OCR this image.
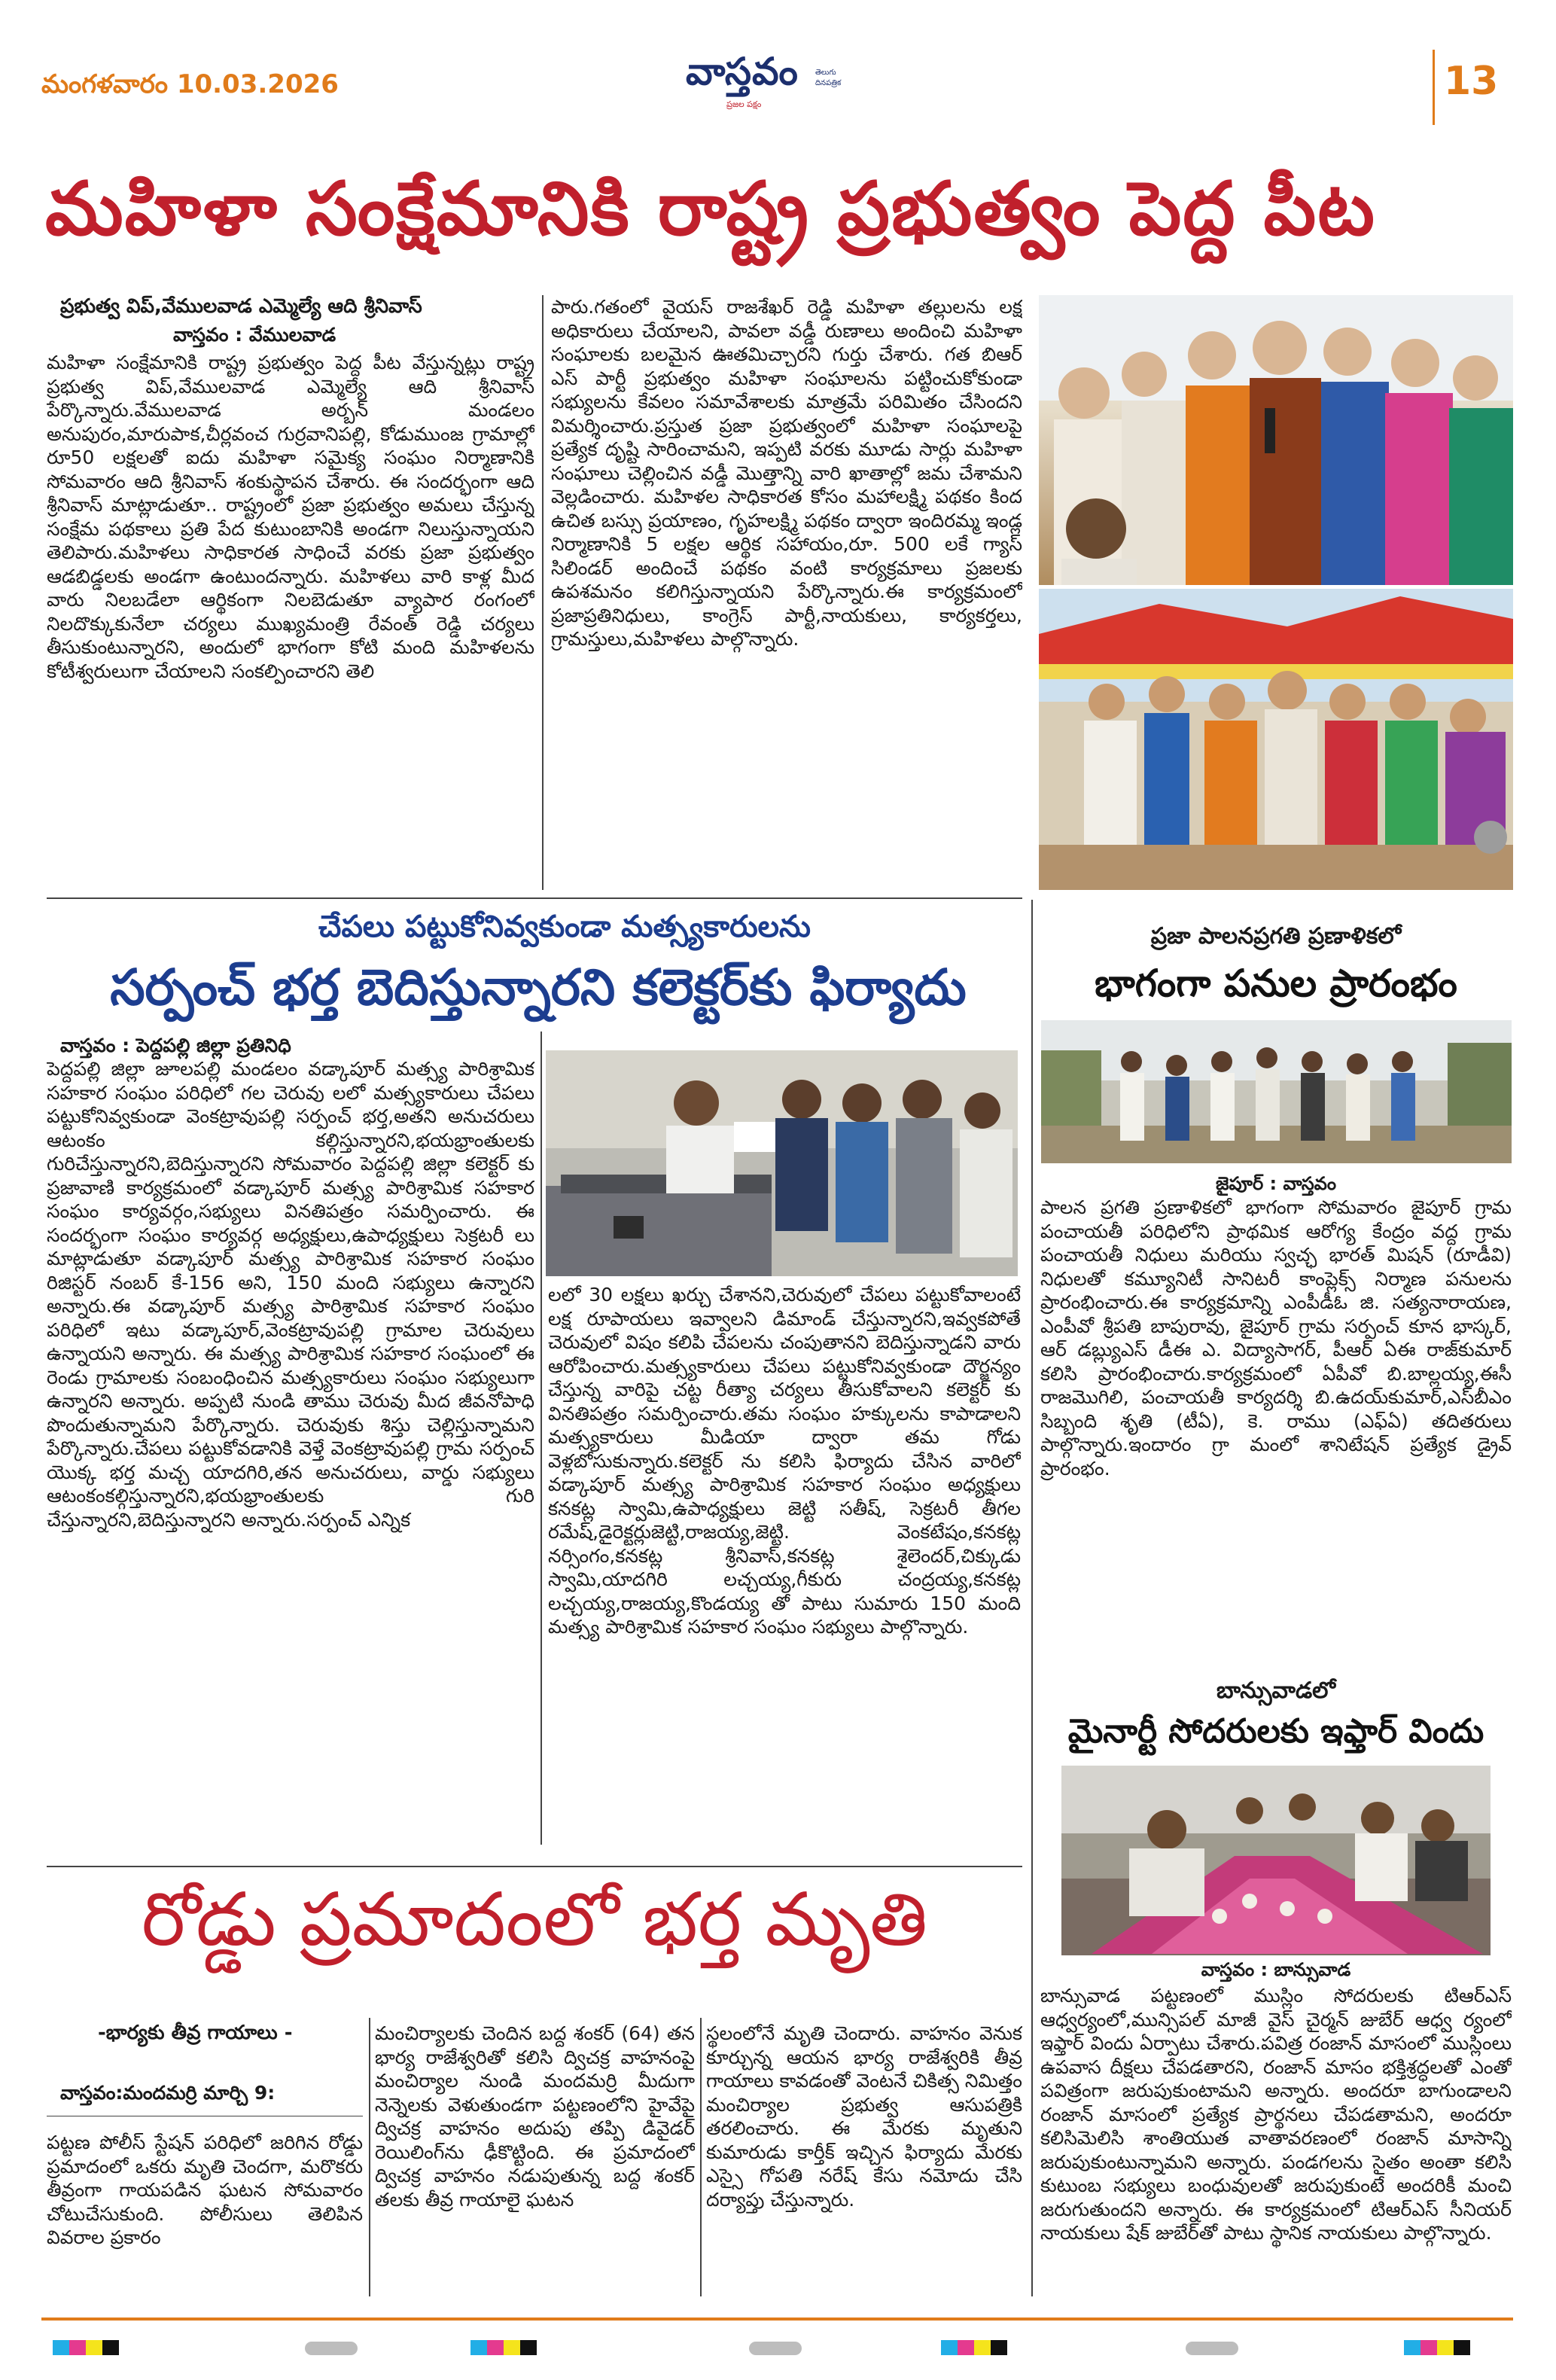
మంగళవారం 10.03.2026	వాస్తవం తెలుగు దినపత్రిక
ప్రజల పక్షం
13
మహిళా సంక్షేమానికి రాష్ట్ర ప్రభుత్వం పెద్ద పీట
ప్రభుత్వ విప్,వేములవాడ ఎమ్మెల్యే ఆది శ్రీనివాస్
వాస్తవం : వేములవాడ

మహిళా సంక్షేమానికి రాష్ట్ర ప్రభుత్వం పెద్ద పీట వేస్తున్నట్లు రాష్ట్ర ప్రభుత్వ విప్,వేములవాడ ఎమ్మెల్యే ఆది శ్రీనివాస్ పేర్కొన్నారు.వేములవాడ అర్బన్ మండలం అనుపురం,మారుపాక,చీర్లవంచ గుర్రవానిపల్లి, కోడుముంజ గ్రామాల్లో రూ50 లక్షలతో ఐదు మహిళా సమైక్య సంఘం నిర్మాణానికి సోమవారం ఆది శ్రీనివాస్ శంకుస్థాపన చేశారు. ఈ సందర్భంగా ఆది శ్రీనివాస్ మాట్లాడుతూ.. రాష్ట్రంలో ప్రజా ప్రభుత్వం అమలు చేస్తున్న సంక్షేమ పథకాలు ప్రతి పేద కుటుంబానికి అండగా నిలుస్తున్నాయని తెలిపారు.మహిళలు సాధికారత సాధించే వరకు ప్రజా ప్రభుత్వం ఆడబిడ్డలకు అండగా ఉంటుందన్నారు. మహిళలు వారి కాళ్ల మీద వారు నిలబడేలా ఆర్థికంగా నిలబెడుతూ వ్యాపార రంగంలో నిలదొక్కుకునేలా చర్యలు ముఖ్యమంత్రి రేవంత్ రెడ్డి చర్యలు తీసుకుంటున్నారని, అందులో భాగంగా కోటి మంది మహిళలను కోటీశ్వరులుగా చేయాలని సంకల్పించారని తెలి

పారు.గతంలో వైయస్ రాజశేఖర్ రెడ్డి మహిళా తల్లులను లక్ష అధికారులు చేయాలని, పావలా వడ్డీ రుణాలు అందించి మహిళా సంఘాలకు బలమైన ఊతమిచ్చారని గుర్తు చేశారు. గత బిఆర్ ఎస్ పార్టీ ప్రభుత్వం మహిళా సంఘాలను పట్టించుకోకుండా సభ్యులను కేవలం సమావేశాలకు మాత్రమే పరిమితం చేసిందని విమర్శించారు.ప్రస్తుత ప్రజా ప్రభుత్వంలో మహిళా సంఘాలపై ప్రత్యేక దృష్టి సారించామని, ఇప్పటి వరకు మూడు సార్లు మహిళా సంఘాలు చెల్లించిన వడ్డీ మొత్తాన్ని వారి ఖాతాల్లో జమ చేశామని వెల్లడించారు. మహిళల సాధికారత కోసం మహాలక్ష్మి పథకం కింద ఉచిత బస్సు ప్రయాణం, గృహలక్ష్మి పథకం ద్వారా ఇందిరమ్మ ఇండ్ల నిర్మాణానికి 5 లక్షల ఆర్థిక సహాయం,రూ. 500 లకే గ్యాస్ సిలిండర్ అందించే పథకం వంటి కార్యక్రమాలు ప్రజలకు ఉపశమనం కలిగిస్తున్నాయని పేర్కొన్నారు.ఈ కార్యక్రమంలో ప్రజాప్రతినిధులు, కాంగ్రెస్ పార్టీ,నాయకులు, కార్యకర్తలు, గ్రామస్తులు,మహిళలు పాల్గొన్నారు.

చేపలు పట్టుకోనివ్వకుండా మత్స్యకారులను
సర్పంచ్ భర్త బెదిస్తున్నారని కలెక్టర్‌కు ఫిర్యాదు
వాస్తవం : పెద్దపల్లి జిల్లా ప్రతినిధి

పెద్దపల్లి జిల్లా జూలపల్లి మండలం వడ్కాపూర్ మత్స్య పారిశ్రామిక సహకార సంఘం పరిధిలో గల చెరువు లలో మత్స్యకారులు చేపలు పట్టుకోనివ్వకుండా వెంకట్రావుపల్లి సర్పంచ్ భర్త,అతని అనుచరులు ఆటంకం కల్గిస్తున్నారని,భయభ్రాంతులకు గురిచేస్తున్నారని,బెదిస్తున్నారని సోమవారం పెద్దపల్లి జిల్లా కలెక్టర్ కు ప్రజావాణి కార్యక్రమంలో వడ్కాపూర్ మత్స్య పారిశ్రామిక సహకార సంఘం కార్యవర్గం,సభ్యులు వినతిపత్రం సమర్పించారు. ఈ సందర్భంగా సంఘం కార్యవర్గ అధ్యక్షులు,ఉపాధ్యక్షులు సెక్రటరీ లు మాట్లాడుతూ వడ్కాపూర్ మత్స్య పారిశ్రామిక సహకార సంఘం రిజిస్టర్ నంబర్ కే-156 అని, 150 మంది సభ్యులు ఉన్నారని అన్నారు.ఈ వడ్కాపూర్ మత్స్య పారిశ్రామిక సహకార సంఘం పరిధిలో ఇటు వడ్కాపూర్,వెంకట్రావుపల్లి గ్రామాల చెరువులు ఉన్నాయని అన్నారు. ఈ మత్స్య పారిశ్రామిక సహకార సంఘంలో ఈ రెండు గ్రామాలకు సంబంధించిన మత్స్యకారులు సంఘం సభ్యులుగా ఉన్నారని అన్నారు. అప్పటి నుండి తాము చెరువు మీద జీవనోపాధి పొందుతున్నామని పేర్కొన్నారు. చెరువుకు శిస్తు చెల్లిస్తున్నామని పేర్కొన్నారు.చేపలు పట్టుకోవడానికి వెళ్తే వెంకట్రావుపల్లి గ్రామ సర్పంచ్ యొక్క భర్త మచ్చ యాదగిరి,తన అనుచరులు, వార్డు సభ్యులు ఆటంకంకల్గిస్తున్నారని,భయభ్రాంతులకు గురి చేస్తున్నారని,బెదిస్తున్నారని అన్నారు.సర్పంచ్ ఎన్నిక

లలో 30 లక్షలు ఖర్చు చేశానని,చెరువులో చేపలు పట్టుకోవాలంటే లక్ష రూపాయలు ఇవ్వాలని డిమాండ్ చేస్తున్నారని,ఇవ్వకపోతే చెరువులో విషం కలిపి చేపలను చంపుతానని బెదిస్తున్నాడని వారు ఆరోపించారు.మత్స్యకారులు చేపలు పట్టుకోనివ్వకుండా దౌర్జన్యం చేస్తున్న వారిపై చట్ట రీత్యా చర్యలు తీసుకోవాలని కలెక్టర్ కు వినతిపత్రం సమర్పించారు.తమ సంఘం హక్కులను కాపాడాలని మత్స్యకారులు మీడియా ద్వారా తమ గోడు వెళ్లబోసుకున్నారు.కలెక్టర్ ను కలిసి ఫిర్యాదు చేసిన వారిలో వడ్కాపూర్ మత్స్య పారిశ్రామిక సహకార సంఘం అధ్యక్షులు కనకట్ల స్వామి,ఉపాధ్యక్షులు జెట్టి సతీష్, సెక్రటరీ తీగల రమేష్,డైరెక్టర్లుజెట్టి,రాజయ్య,జెట్టి. వెంకటేషం,కనకట్ల నర్సింగం,కనకట్ల శ్రీనివాస్,కనకట్ల శైలెందర్,చిక్కుడు స్వామి,యాదగిరి లచ్చయ్య,గీకురు చంద్రయ్య,కనకట్ల లచ్చయ్య,రాజయ్య,కొండయ్య తో పాటు సుమారు 150 మంది మత్స్య పారిశ్రామిక సహకార సంఘం సభ్యులు పాల్గొన్నారు.

ప్రజా పాలనప్రగతి ప్రణాళికలో
భాగంగా పనుల ప్రారంభం
జైపూర్ : వాస్తవం

పాలన ప్రగతి ప్రణాళికలో భాగంగా సోమవారం జైపూర్ గ్రామ పంచాయతీ పరిధిలోని ప్రాథమిక ఆరోగ్య కేంద్రం వద్ద గ్రామ పంచాయతీ నిధులు మరియు స్వచ్ఛ భారత్ మిషన్ (రూడీవి) నిధులతో కమ్యూనిటీ సానిటరీ కాంప్లెక్స్ నిర్మాణ పనులను ప్రారంభించారు.ఈ కార్యక్రమాన్ని ఎంపీడీఓ జి. సత్యనారాయణ, ఎంపీవో శ్రీపతి బాపురావు, జైపూర్ గ్రామ సర్పంచ్ కూన భాస్కర్, ఆర్ డబ్ల్యుఎస్ డీఈ ఎ. విద్యాసాగర్, పీఆర్ ఏఈ రాజ్‌కుమార్ కలిసి ప్రారంభించారు.కార్యక్రమంలో ఏపీవో బి.బాల్లయ్య,ఈసీ రాజమొగిలి, పంచాయతీ కార్యదర్శి బి.ఉదయ్‌కుమార్,ఎస్‌బీఎం సిబ్బంది శృతి (టీఏ), కె. రాము (ఎఫ్ఏ) తదితరులు పాల్గొన్నారు.ఇందారం గ్రా మంలో శానిటేషన్ ప్రత్యేక డ్రైవ్ ప్రారంభం.

బాన్సువాడలో
మైనార్టీ సోదరులకు ఇఫ్తార్ విందు
వాస్తవం : బాన్సువాడ

బాన్సువాడ పట్టణంలో ముస్లిం సోదరులకు టిఆర్ఎస్ ఆధ్వర్యంలో,మున్సిపల్ మాజీ వైస్ చైర్మన్ జుబేర్ ఆధ్వ ర్యంలో ఇఫ్తార్ విందు ఏర్పాటు చేశారు.పవిత్ర రంజాన్ మాసంలో ముస్లింలు ఉపవాస దీక్షలు చేపడతారని, రంజాన్ మాసం భక్తిశ్రద్ధలతో ఎంతో పవిత్రంగా జరుపుకుంటామని అన్నారు. అందరూ బాగుండాలని రంజాన్ మాసంలో ప్రత్యేక ప్రార్థనలు చేపడతామని, అందరూ కలిసిమెలిసి శాంతియుత వాతావరణంలో రంజాన్ మాసాన్ని జరుపుకుంటున్నామని అన్నారు. పండగలను సైతం అంతా కలిసి కుటుంబ సభ్యులు బంధువులతో జరుపుకుంటే అందరికీ మంచి జరుగుతుందని అన్నారు. ఈ కార్యక్రమంలో టిఆర్ఎస్ సీనియర్ నాయకులు షేక్ జుబేర్‌తో పాటు స్థానిక నాయకులు పాల్గొన్నారు.

రోడ్డు ప్రమాదంలో భర్త మృతి
-భార్యకు తీవ్ర గాయాలు -
వాస్తవం:మందమర్రి మార్చి 9:

పట్టణ పోలీస్ స్టేషన్ పరిధిలో జరిగిన రోడ్డు ప్రమాదంలో ఒకరు మృతి చెందగా, మరొకరు తీవ్రంగా గాయపడిన ఘటన సోమవారం చోటుచేసుకుంది. పోలీసులు తెలిపిన వివరాల ప్రకారం

మంచిర్యాలకు చెందిన బద్ద శంకర్ (64) తన భార్య రాజేశ్వరితో కలిసి ద్విచక్ర వాహనంపై మంచిర్యాల నుండి మందమర్రి మీదుగా నెన్నెలకు వెళుతుండగా పట్టణంలోని హైవేపై ద్విచక్ర వాహనం అదుపు తప్పి డివైడర్ రెయిలింగ్‌ను ఢీకొట్టింది. ఈ ప్రమాదంలో ద్విచక్ర వాహనం నడుపుతున్న బద్ద శంకర్ తలకు తీవ్ర గాయాలై ఘటన

స్థలంలోనే మృతి చెందారు. వాహనం వెనుక కూర్చున్న ఆయన భార్య రాజేశ్వరికి తీవ్ర గాయాలు కావడంతో వెంటనే చికిత్స నిమిత్తం మంచిర్యాల ప్రభుత్వ ఆసుపత్రికి తరలించారు. ఈ మేరకు మృతుని కుమారుడు కార్తీక్ ఇచ్చిన ఫిర్యాదు మేరకు ఎస్సై గోపతి నరేష్ కేసు నమోదు చేసి దర్యాప్తు చేస్తున్నారు.
